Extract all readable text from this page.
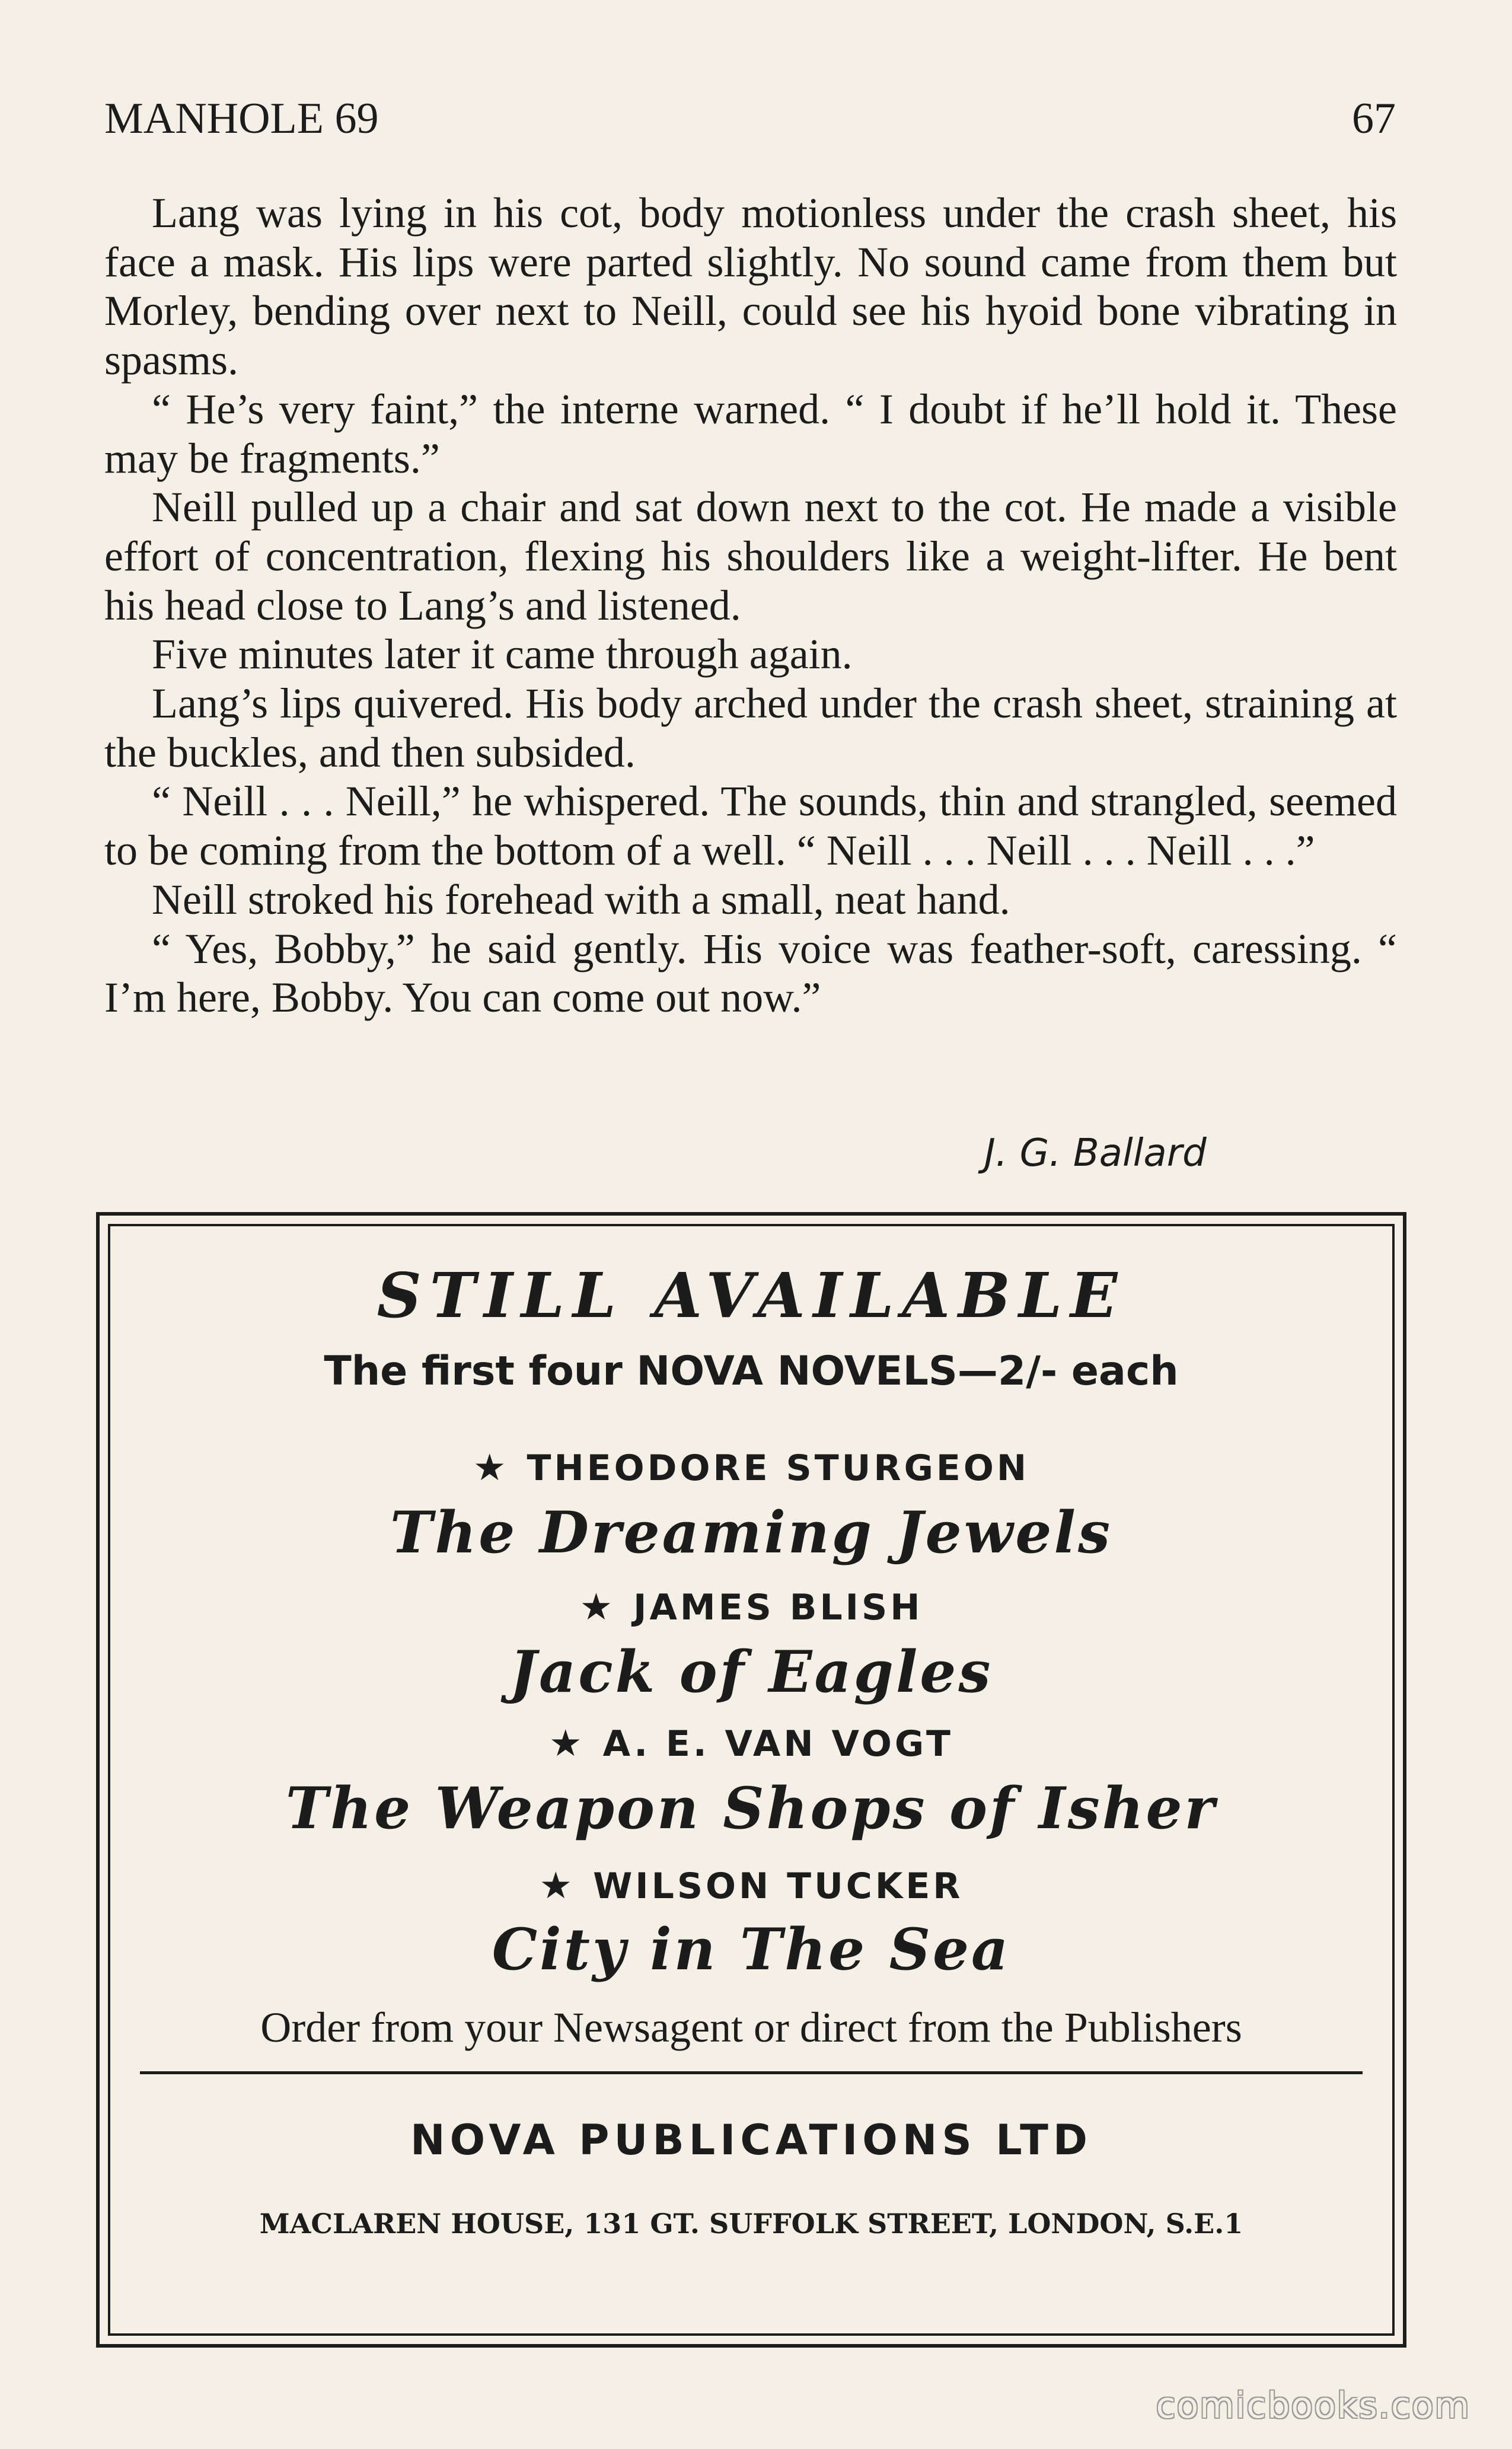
MANHOLE 69	67

Lang was lying in his cot, body motionless under the crash sheet, his face a mask. His lips were parted slightly. No sound came from them but Morley, bending over next to Neill, could see his hyoid bone vibrating in spasms.

“ He’s very faint,” the interne warned. “ I doubt if he’ll hold it. These may be fragments.”

Neill pulled up a chair and sat down next to the cot. He made a visible effort of concentration, flexing his shoulders like a weight-lifter. He bent his head close to Lang’s and listened.

Five minutes later it came through again.

Lang’s lips quivered. His body arched under the crash sheet, straining at the buckles, and then subsided.

“ Neill . . . Neill,” he whispered. The sounds, thin and strangled, seemed to be coming from the bottom of a well. “ Neill . . . Neill . . . Neill . . .”

Neill stroked his forehead with a small, neat hand.

“ Yes, Bobby,” he said gently. His voice was feather-soft, caressing. “ I’m here, Bobby. You can come out now.”

J. G. Ballard
STILL AVAILABLE
The first four NOVA NOVELS—2/- each
★ THEODORE STURGEON
The Dreaming Jewels
★ JAMES BLISH
Jack of Eagles
★ A. E. VAN VOGT
The Weapon Shops of Isher
★ WILSON TUCKER
City in The Sea
Order from your Newsagent or direct from the Publishers
NOVA PUBLICATIONS LTD
MACLAREN HOUSE, 131 GT. SUFFOLK STREET, LONDON, S.E.1
comicbooks.com
